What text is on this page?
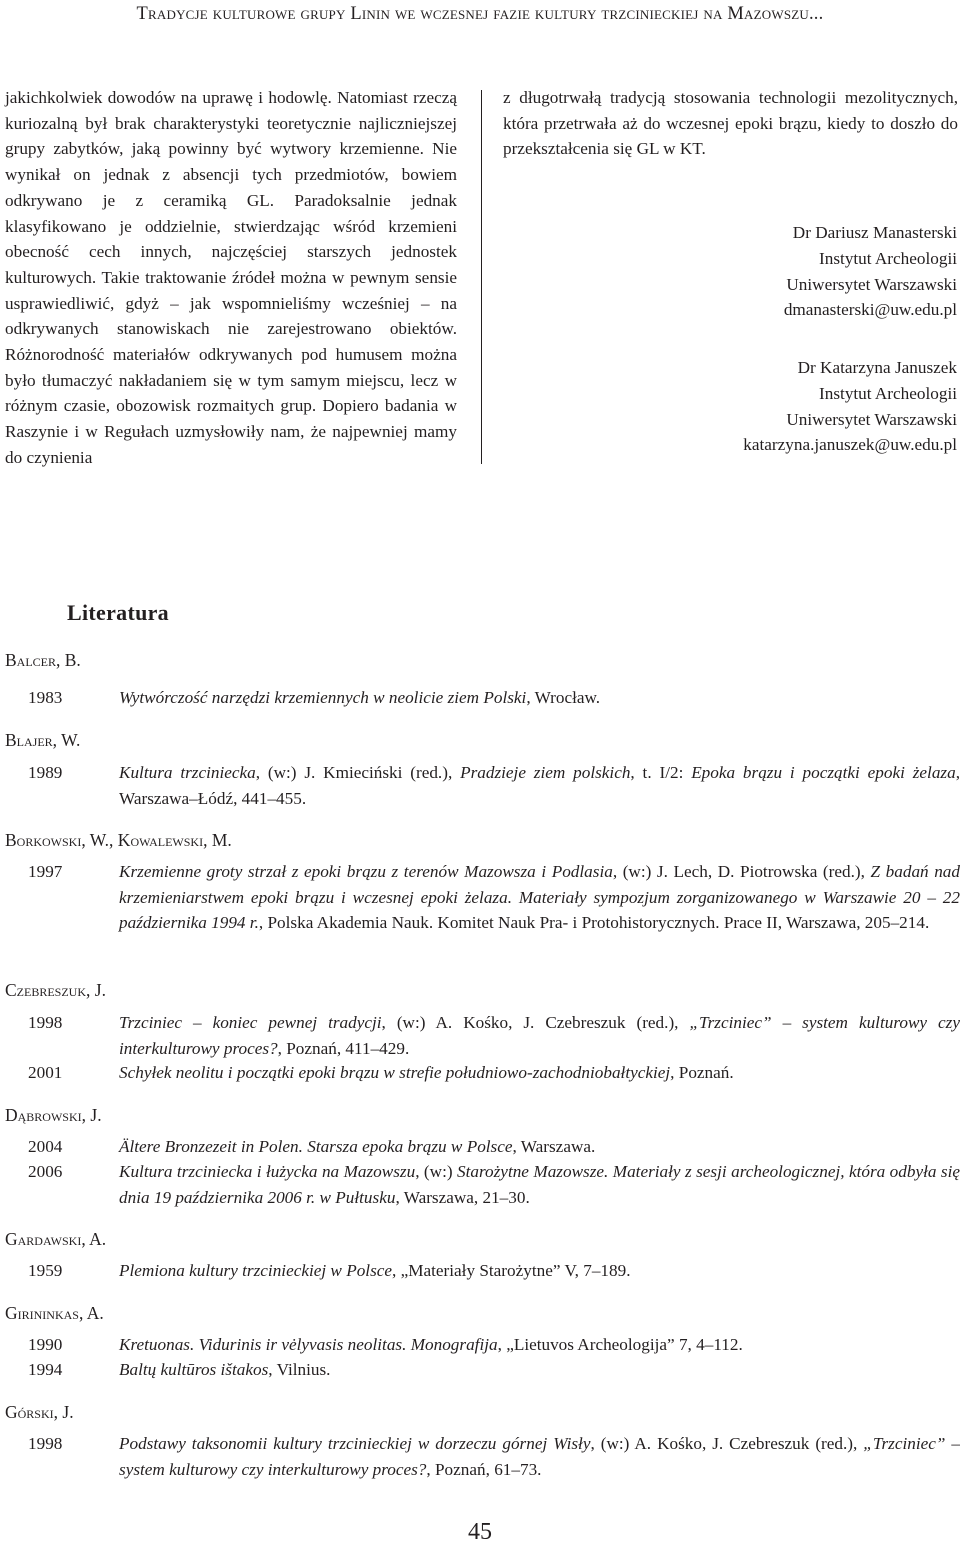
Tradycje kulturowe grupy Linin we wczesnej fazie kultury trzcinieckiej na Mazowszu...

jakichkolwiek dowodów na uprawę i hodowlę. Natomiast rzeczą kuriozalną był brak charakterystyki teoretycznie najliczniejszej grupy zabytków, jaką powinny być wytwory krzemienne. Nie wynikał on jednak z absencji tych przedmiotów, bowiem odkrywano je z ceramiką GL. Paradoksalnie jednak klasyfikowano je oddzielnie, stwierdzając wśród krzemieni obecność cech innych, najczęściej starszych jednostek kulturowych. Takie traktowanie źródeł można w pewnym sensie usprawiedliwić, gdyż – jak wspomnieliśmy wcześniej – na odkrywanych stanowiskach nie zarejestrowano obiektów. Różnorodność materiałów odkrywanych pod humusem można było tłumaczyć nakładaniem się w tym samym miejscu, lecz w różnym czasie, obozowisk rozmaitych grup. Dopiero badania w Raszynie i w Regułach uzmysłowiły nam, że najpewniej mamy do czynienia

z długotrwałą tradycją stosowania technologii mezolitycznych, która przetrwała aż do wczesnej epoki brązu, kiedy to doszło do przekształcenia się GL w KT.

Dr Dariusz Manasterski
Instytut Archeologii
Uniwersytet Warszawski
dmanasterski@uw.edu.pl
Dr Katarzyna Januszek
Instytut Archeologii
Uniwersytet Warszawski
katarzyna.januszek@uw.edu.pl
Literatura
Balcer, B.
1983	Wytwórczość narzędzi krzemiennych w neolicie ziem Polski, Wrocław.
Blajer, W.
1989	Kultura trzciniecka, (w:) J. Kmieciński (red.), Pradzieje ziem polskich, t. I/2: Epoka brązu i początki epoki żelaza, Warszawa–Łódź, 441–455.
Borkowski, W., Kowalewski, M.
1997	Krzemienne groty strzał z epoki brązu z terenów Mazowsza i Podlasia, (w:) J. Lech, D. Piotrowska (red.), Z badań nad krzemieniarstwem epoki brązu i wczesnej epoki żelaza. Materiały sympozjum zorganizowanego w Warszawie 20 – 22 października 1994 r., Polska Akademia Nauk. Komitet Nauk Pra- i Protohistorycznych. Prace II, Warszawa, 205–214.
Czebreszuk, J.
1998	Trzciniec – koniec pewnej tradycji, (w:) A. Kośko, J. Czebreszuk (red.), „Trzciniec” – system kulturowy czy interkulturowy proces?, Poznań, 411–429.
2001	Schyłek neolitu i początki epoki brązu w strefie południowo-zachodniobałtyckiej, Poznań.
Dąbrowski, J.
2004	Ältere Bronzezeit in Polen. Starsza epoka brązu w Polsce, Warszawa.
2006	Kultura trzciniecka i łużycka na Mazowszu, (w:) Starożytne Mazowsze. Materiały z sesji archeologicznej, która odbyła się dnia 19 października 2006 r. w Pułtusku, Warszawa, 21–30.
Gardawski, A.
1959	Plemiona kultury trzcinieckiej w Polsce, „Materiały Starożytne” V, 7–189.
Girininkas, A.
1990	Kretuonas. Vidurinis ir vėlyvasis neolitas. Monografija, „Lietuvos Archeologija” 7, 4–112.
1994	Baltų kultūros ištakos, Vilnius.
Górski, J.
1998	Podstawy taksonomii kultury trzcinieckiej w dorzeczu górnej Wisły, (w:) A. Kośko, J. Czebreszuk (red.), „Trzciniec” – system kulturowy czy interkulturowy proces?, Poznań, 61–73.
45
